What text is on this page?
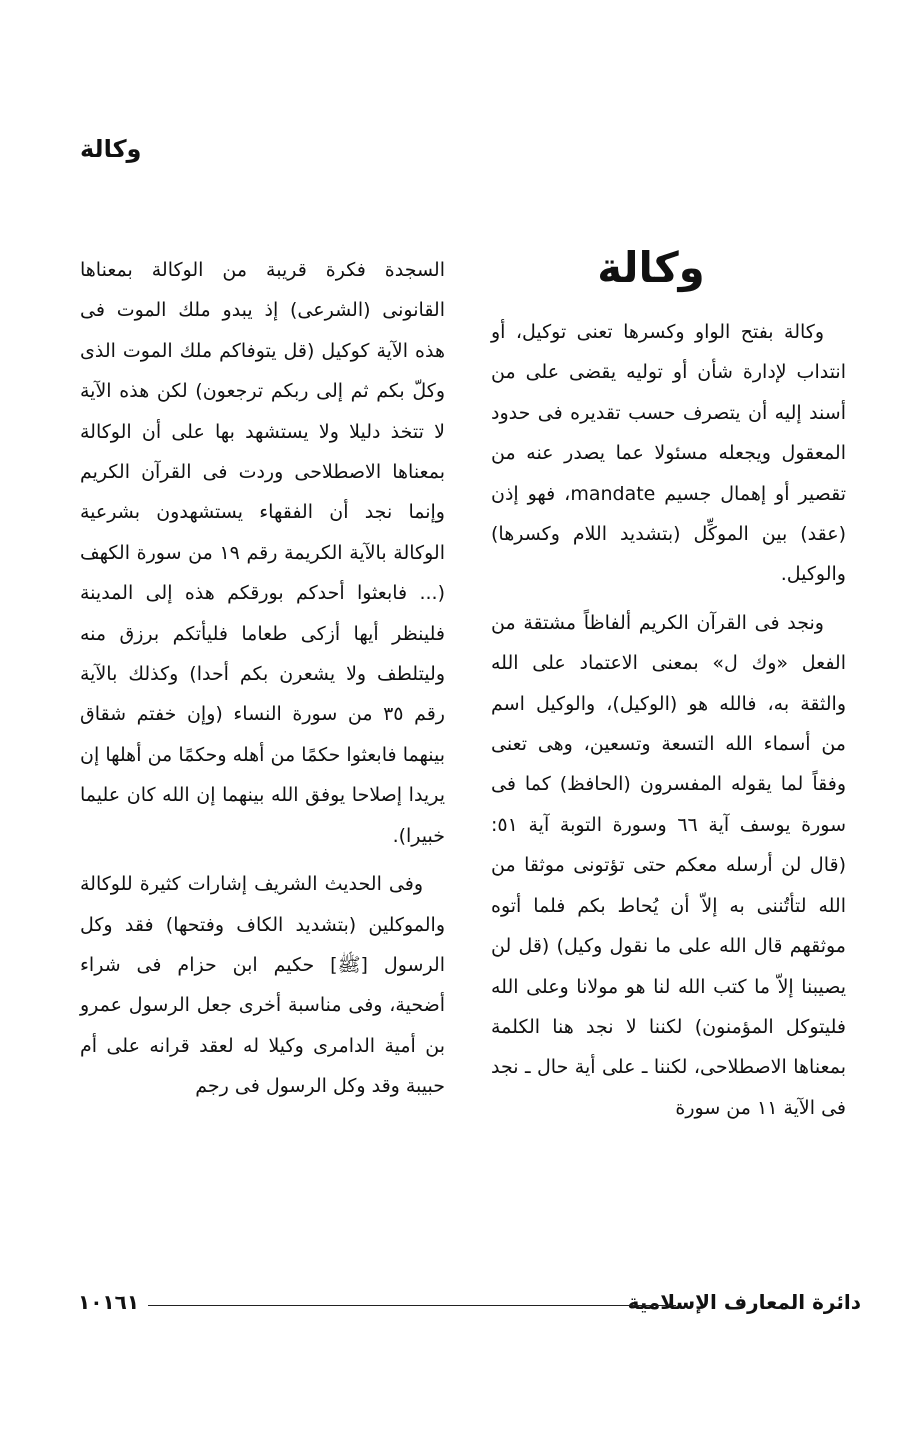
وكالة
وكالة

وكالة بفتح الواو وكسرها تعنى توكيل، أو انتداب لإدارة شأن أو توليه يقضى على من أسند إليه أن يتصرف حسب تقديره فى حدود المعقول ويجعله مسئولا عما يصدر عنه من تقصير أو إهمال جسيم mandate، فهو إذن (عقد) بين الموكِّل (بتشديد اللام وكسرها) والوكيل.

ونجد فى القرآن الكريم ألفاظاً مشتقة من الفعل «وك ل» بمعنى الاعتماد على الله والثقة به، فالله هو (الوكيل)، والوكيل اسم من أسماء الله التسعة وتسعين، وهى تعنى وفقاً لما يقوله المفسرون (الحافظ) كما فى سورة يوسف آية ٦٦ وسورة التوبة آية ٥١: (قال لن أرسله معكم حتى تؤتونى موثقا من الله لتأتُننى به إلاّ أن يُحاط بكم فلما أتوه موثقهم قال الله على ما نقول وكيل) (قل لن يصيبنا إلاّ ما كتب الله لنا هو مولانا وعلى الله فليتوكل المؤمنون) لكننا لا نجد هنا الكلمة بمعناها الاصطلاحى، لكننا ـ على أية حال ـ نجد فى الآية ١١ من سورة

السجدة فكرة قريبة من الوكالة بمعناها القانونى (الشرعى) إذ يبدو ملك الموت فى هذه الآية كوكيل (قل يتوفاكم ملك الموت الذى وكلّ بكم ثم إلى ربكم ترجعون) لكن هذه الآية لا تتخذ دليلا ولا يستشهد بها على أن الوكالة بمعناها الاصطلاحى وردت فى القرآن الكريم وإنما نجد أن الفقهاء يستشهدون بشرعية الوكالة بالآية الكريمة رقم ١٩ من سورة الكهف (... فابعثوا أحدكم بورقكم هذه إلى المدينة فلينظر أيها أزكى طعاما فليأتكم برزق منه وليتلطف ولا يشعرن بكم أحدا) وكذلك بالآية رقم ٣٥ من سورة النساء (وإن خفتم شقاق بينهما فابعثوا حكمًا من أهله وحكمًا من أهلها إن يريدا إصلاحا يوفق الله بينهما إن الله كان عليما خبيرا).

وفى الحديث الشريف إشارات كثيرة للوكالة والموكلين (بتشديد الكاف وفتحها) فقد وكل الرسول [ﷺ] حكيم ابن حزام فى شراء أضحية، وفى مناسبة أخرى جعل الرسول عمرو بن أمية الدامرى وكيلا له لعقد قرانه على أم حبيبة وقد وكل الرسول فى رجم

دائرة المعارف الإسلامية
١٠١٦١
